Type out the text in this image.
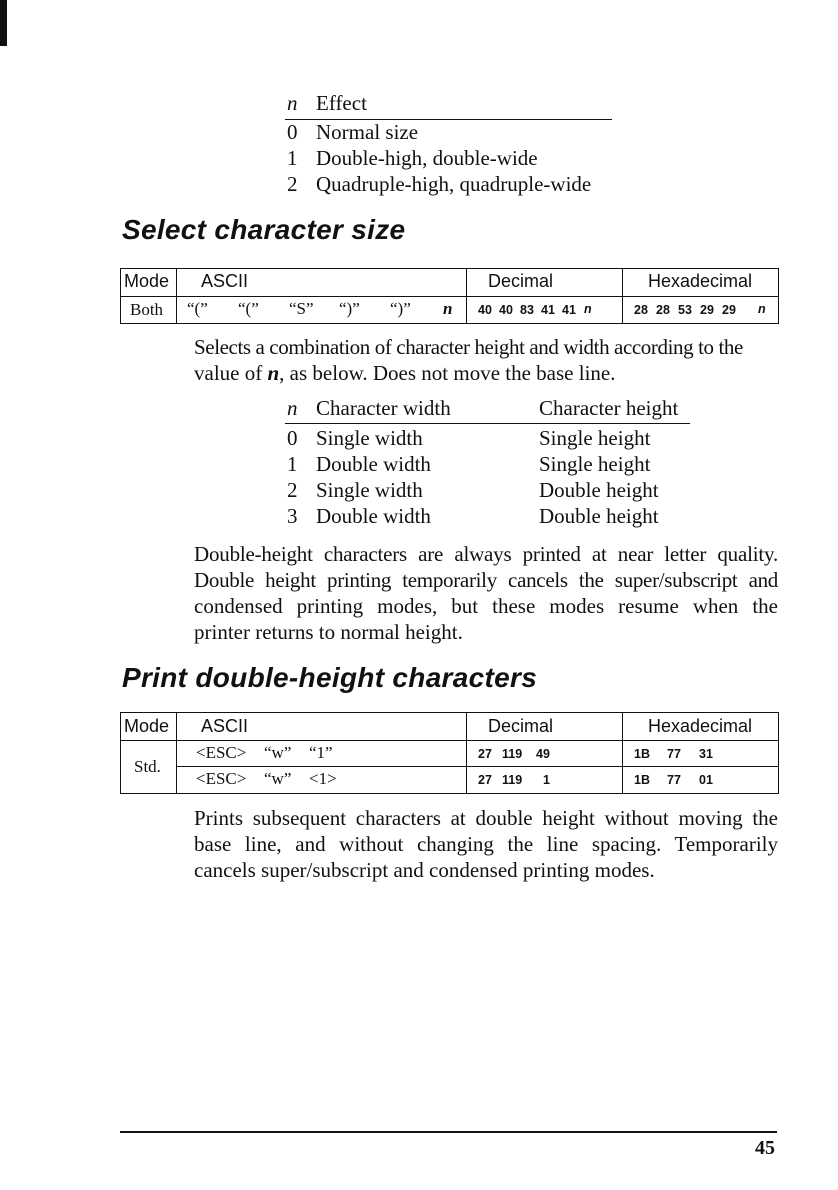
n Effect
0 Normal size
1 Double-high, double-wide
2 Quadruple-high, quadruple-wide
Select character size
Mode ASCII	Decimal	Hexadecimal
Both “(” “(” “S” “)” “)” n 40 40 83 41 41 n	28 28 53 29 29 n
Selects a combination of character height and width according to the
value of n, as below. Does not move the base line.
n Character width	Character height
0 Single width	Single height
1 Double width	Single height
2 Single width	Double height
3 Double width	Double height
Double-height characters are always printed at near letter quality.
Double height printing temporarily cancels the super/subscript and
condensed printing modes, but these modes resume when the
printer returns to normal height.
Print double-height characters
Mode ASCII	Decimal	Hexadecimal
Std.
<ESC> “w” “1”	27 119 49	1B 77 31
<ESC> “w” <1>	27 119 1	1B 77 01
Prints subsequent characters at double height without moving the
base line, and without changing the line spacing. Temporarily
cancels super/subscript and condensed printing modes.
45
